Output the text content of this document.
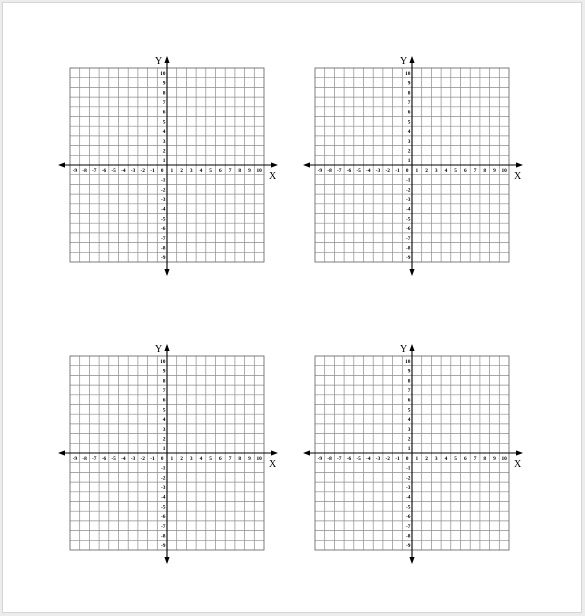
X
Y
-9 -8 -7 -6 -5 -4 -3 -2 -1 0 1 2 3 4 5 6 7 8 9 10
10
9
8
7
6
5
4
3
2
1
-1
-2
-3
-4
-5
-6
-7
-8
-9
X
Y
-9 -8 -7 -6 -5 -4 -3 -2 -1 0 1 2 3 4 5 6 7 8 9 10
10
9
8
7
6
5
4
3
2
1
-1
-2
-3
-4
-5
-6
-7
-8
-9
X
Y
-9 -8 -7 -6 -5 -4 -3 -2 -1 0 1 2 3 4 5 6 7 8 9 10
10
9
8
7
6
5
4
3
2
1
-1
-2
-3
-4
-5
-6
-7
-8
-9
X
Y
-9 -8 -7 -6 -5 -4 -3 -2 -1 0 1 2 3 4 5 6 7 8 9 10
10
9
8
7
6
5
4
3
2
1
-1
-2
-3
-4
-5
-6
-7
-8
-9
